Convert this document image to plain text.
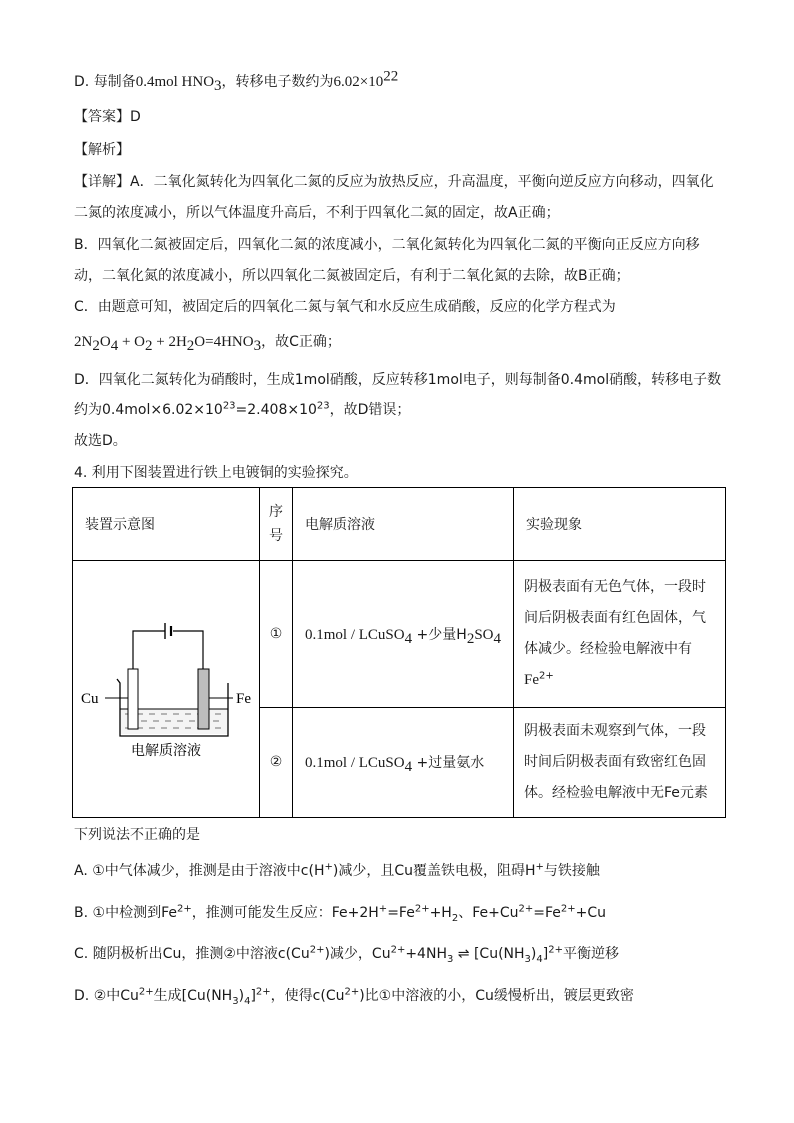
D. 每制备0.4mol $HNO_3$，转移电子数约为$6.02\times 10^{22}$
【答案】D
【解析】
【详解】A．二氧化氮转化为四氧化二氮的反应为放热反应，升高温度，平衡向逆反应方向移动，四氧化
二氮的浓度减小，所以气体温度升高后，不利于四氧化二氮的固定，故A正确；
B．四氧化二氮被固定后，四氧化二氮的浓度减小，二氧化氮转化为四氧化二氮的平衡向正反应方向移
动，二氧化氮的浓度减小，所以四氧化二氮被固定后，有利于二氧化氮的去除，故B正确；
C．由题意可知，被固定后的四氧化二氮与氧气和水反应生成硝酸，反应的化学方程式为
$2N_2O_4 + O_2 + 2H_2O=4HNO_3$，故C正确；
D．四氧化二氮转化为硝酸时，生成1mol硝酸，反应转移1mol电子，则每制备0.4mol硝酸，转移电子数
约为$0.4mol\times 6.02\times 10^{23}=2.408\times 10^{23}$，故D错误；
故选D。
4. 利用下图装置进行铁上电镀铜的实验探究。
装置示意图	序号	电解质溶液	实验现象

Cu Fe
电解质溶液	①	0.1mol / LCuSO$_4$ +少量$H_2SO_4$	阴极表面有无色气体，一段时间后阴极表面有红色固体，气体减少。经检验电解液中有
$Fe^{2+}$
	②	0.1mol / LCuSO$_4$ +过量氨水	阴极表面未观察到气体，一段时间后阴极表面有致密红色固体。经检验电解液中无Fe元素
下列说法不正确的是
A. ①中气体减少，推测是由于溶液中c(H+)减少，且Cu覆盖铁电极，阻碍H+与铁接触
B. ①中检测到$Fe^{2+}$，推测可能发生反应：$Fe+2H^+=Fe^{2+}+H_2$、$Fe+Cu^{2+}=Fe^{2+}+Cu$
C. 随阴极析出Cu，推测②中溶液$c(Cu^{2+})$减少，$Cu^{2+}+4NH_3$ ⇌ $[Cu(NH_3)_4]^{2+}$平衡逆移
D. ②中$Cu^{2+}$生成$[Cu(NH_3)_4]^{2+}$，使得$c(Cu^{2+})$比①中溶液的小，Cu缓慢析出，镀层更致密
